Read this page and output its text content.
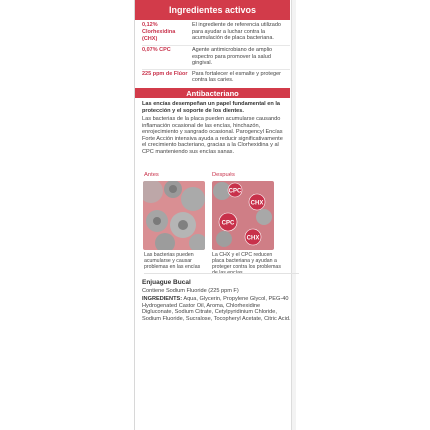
Ingredientes activos
0,12% Clorhexidina (CHX)
El ingrediente de referencia utilizado para ayudar a luchar contra la acumulación de placa bacteriana.
0,07% CPC	Agente antimicrobiano de amplio espectro para promover la salud gingival.
225 ppm de Flúor Para fortalecer el esmalte y proteger contra las caries.
Antibacteriano
Las encías desempeñan un papel fundamental en la protección y el soporte de los dientes.
Las bacterias de la placa pueden acumularse causando inflamación ocasional de las encías, hinchazón, enrojecimiento y sangrado ocasional. Parogencyl Encías Forte Acción intensiva ayuda a reducir significativamente el crecimiento bacteriano, gracias a la Clorhexidina y al CPC manteniendo sus encías sanas.
Antes	Después
CPC
CHX
CPC
CHX
Las bacterias pueden acumularse y causar problemas en las encías
La CHX y el CPC reducen placa bacteriana y ayudan a proteger contra los problemas
Enjuague Bucal
Contiene Sodium Fluoride (225 ppm F)
INGREDIENTS: Aqua, Glycerin, Propylene Glycol, PEG-40 Hydrogenated Castor Oil, Aroma, Chlorhexidine Digluconate, Sodium Citrate, Cetylpyridinium Chloride, Sodium Fluoride, Sucralose, Tocopheryl Acetate, Citric Acid.
